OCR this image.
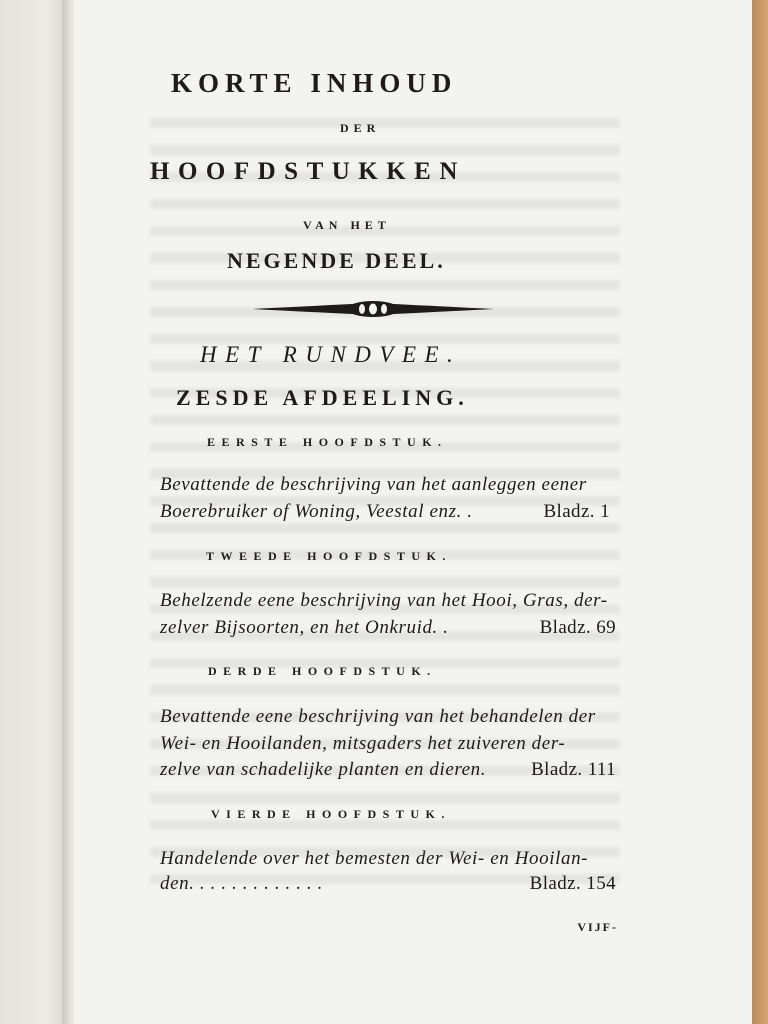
KORTE INHOUD
DER
HOOFDSTUKKEN
VAN HET
NEGENDE DEEL.
HET RUNDVEE.
ZESDE AFDEELING.
EERSTE HOOFDSTUK.
Bevattende de beschrijving van het aanleggen eener
Boerebruiker of Woning, Veestal enz. .	Bladz. 1
TWEEDE HOOFDSTUK.
Behelzende eene beschrijving van het Hooi, Gras, der-
zelver Bijsoorten, en het Onkruid. .	Bladz. 69
DERDE HOOFDSTUK.
Bevattende eene beschrijving van het behandelen der
Wei- en Hooilanden, mitsgaders het zuiveren der-
zelve van schadelijke planten en dieren. Bladz. 111
VIERDE HOOFDSTUK.
Handelende over het bemesten der Wei- en Hooilan-
den. . . . . . . . . . . . .	Bladz. 154
VIJF-
